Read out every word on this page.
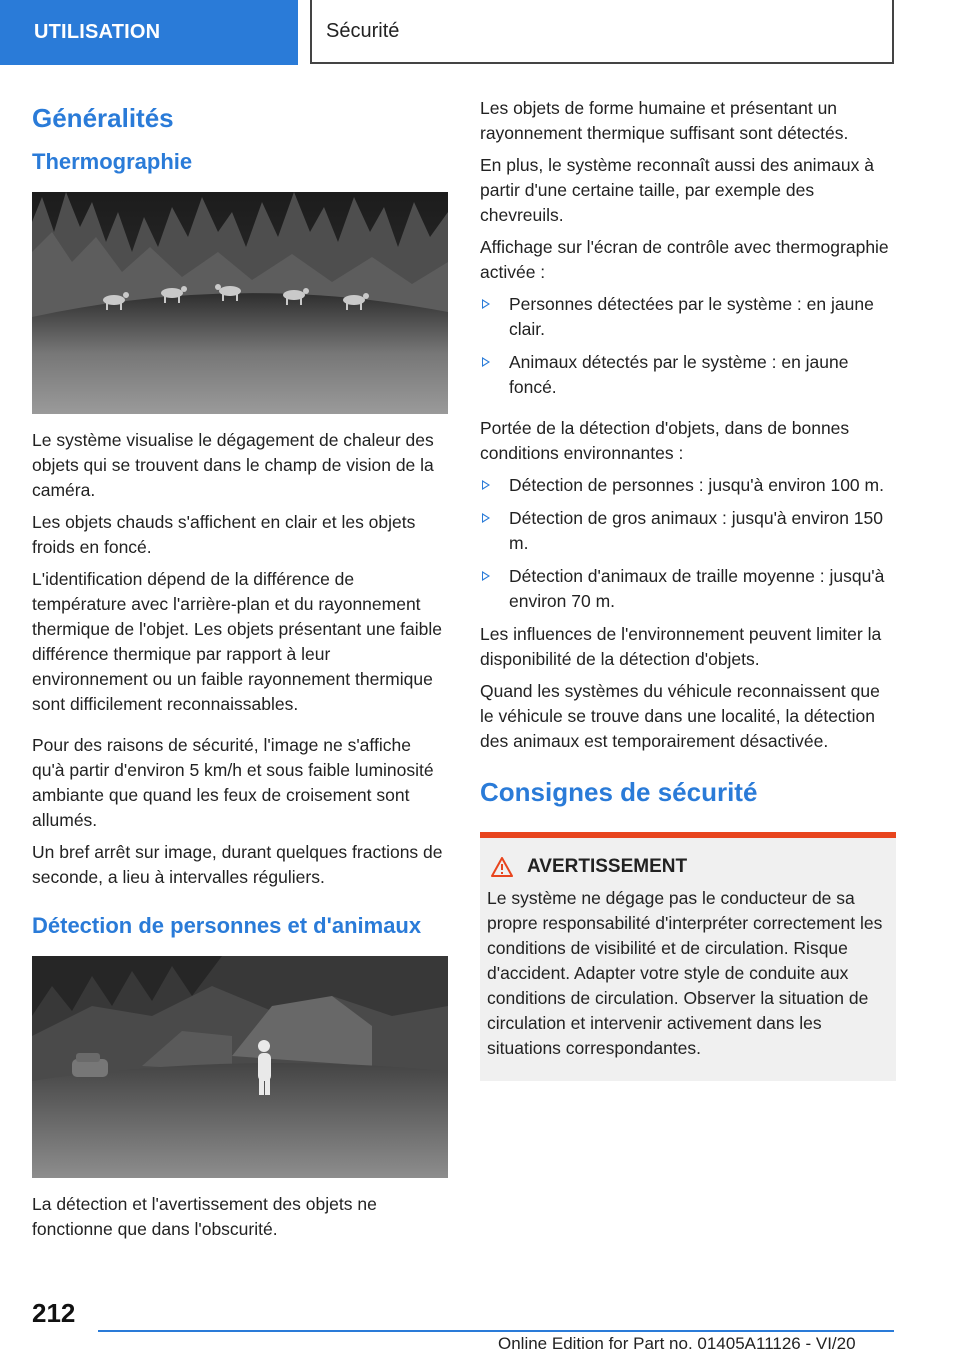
UTILISATION	Sécurité
Généralités
Thermographie

Le système visualise le dégagement de chaleur des objets qui se trouvent dans le champ de vision de la caméra.

Les objets chauds s'affichent en clair et les objets froids en foncé.

L'identification dépend de la différence de température avec l'arrière-plan et du rayonnement thermique de l'objet. Les objets présentant une faible différence thermique par rapport à leur environnement ou un faible rayonnement thermique sont difficilement reconnaissables.

Pour des raisons de sécurité, l'image ne s'affiche qu'à partir d'environ 5 km/h et sous faible luminosité ambiante que quand les feux de croisement sont allumés.

Un bref arrêt sur image, durant quelques fractions de seconde, a lieu à intervalles réguliers.

Détection de personnes et d'animaux

La détection et l'avertissement des objets ne fonctionne que dans l'obscurité.

Les objets de forme humaine et présentant un rayonnement thermique suffisant sont détectés.

En plus, le système reconnaît aussi des animaux à partir d'une certaine taille, par exemple des chevreuils.

Affichage sur l'écran de contrôle avec thermographie activée :

Personnes détectées par le système : en jaune clair.
Animaux détectés par le système : en jaune foncé.

Portée de la détection d'objets, dans de bonnes conditions environnantes :

Détection de personnes : jusqu'à environ 100 m.
Détection de gros animaux : jusqu'à environ 150 m.
Détection d'animaux de traille moyenne : jusqu'à environ 70 m.

Les influences de l'environnement peuvent limiter la disponibilité de la détection d'objets.

Quand les systèmes du véhicule reconnaissent que le véhicule se trouve dans une localité, la détection des animaux est temporairement désactivée.

Consignes de sécurité
AVERTISSEMENT

Le système ne dégage pas le conducteur de sa propre responsabilité d'interpréter correctement les conditions de visibilité et de circulation. Risque d'accident. Adapter votre style de conduite aux conditions de circulation. Observer la situation de circulation et intervenir activement dans les situations correspondantes.

212
Online Edition for Part no. 01405A11126 - VI/20
